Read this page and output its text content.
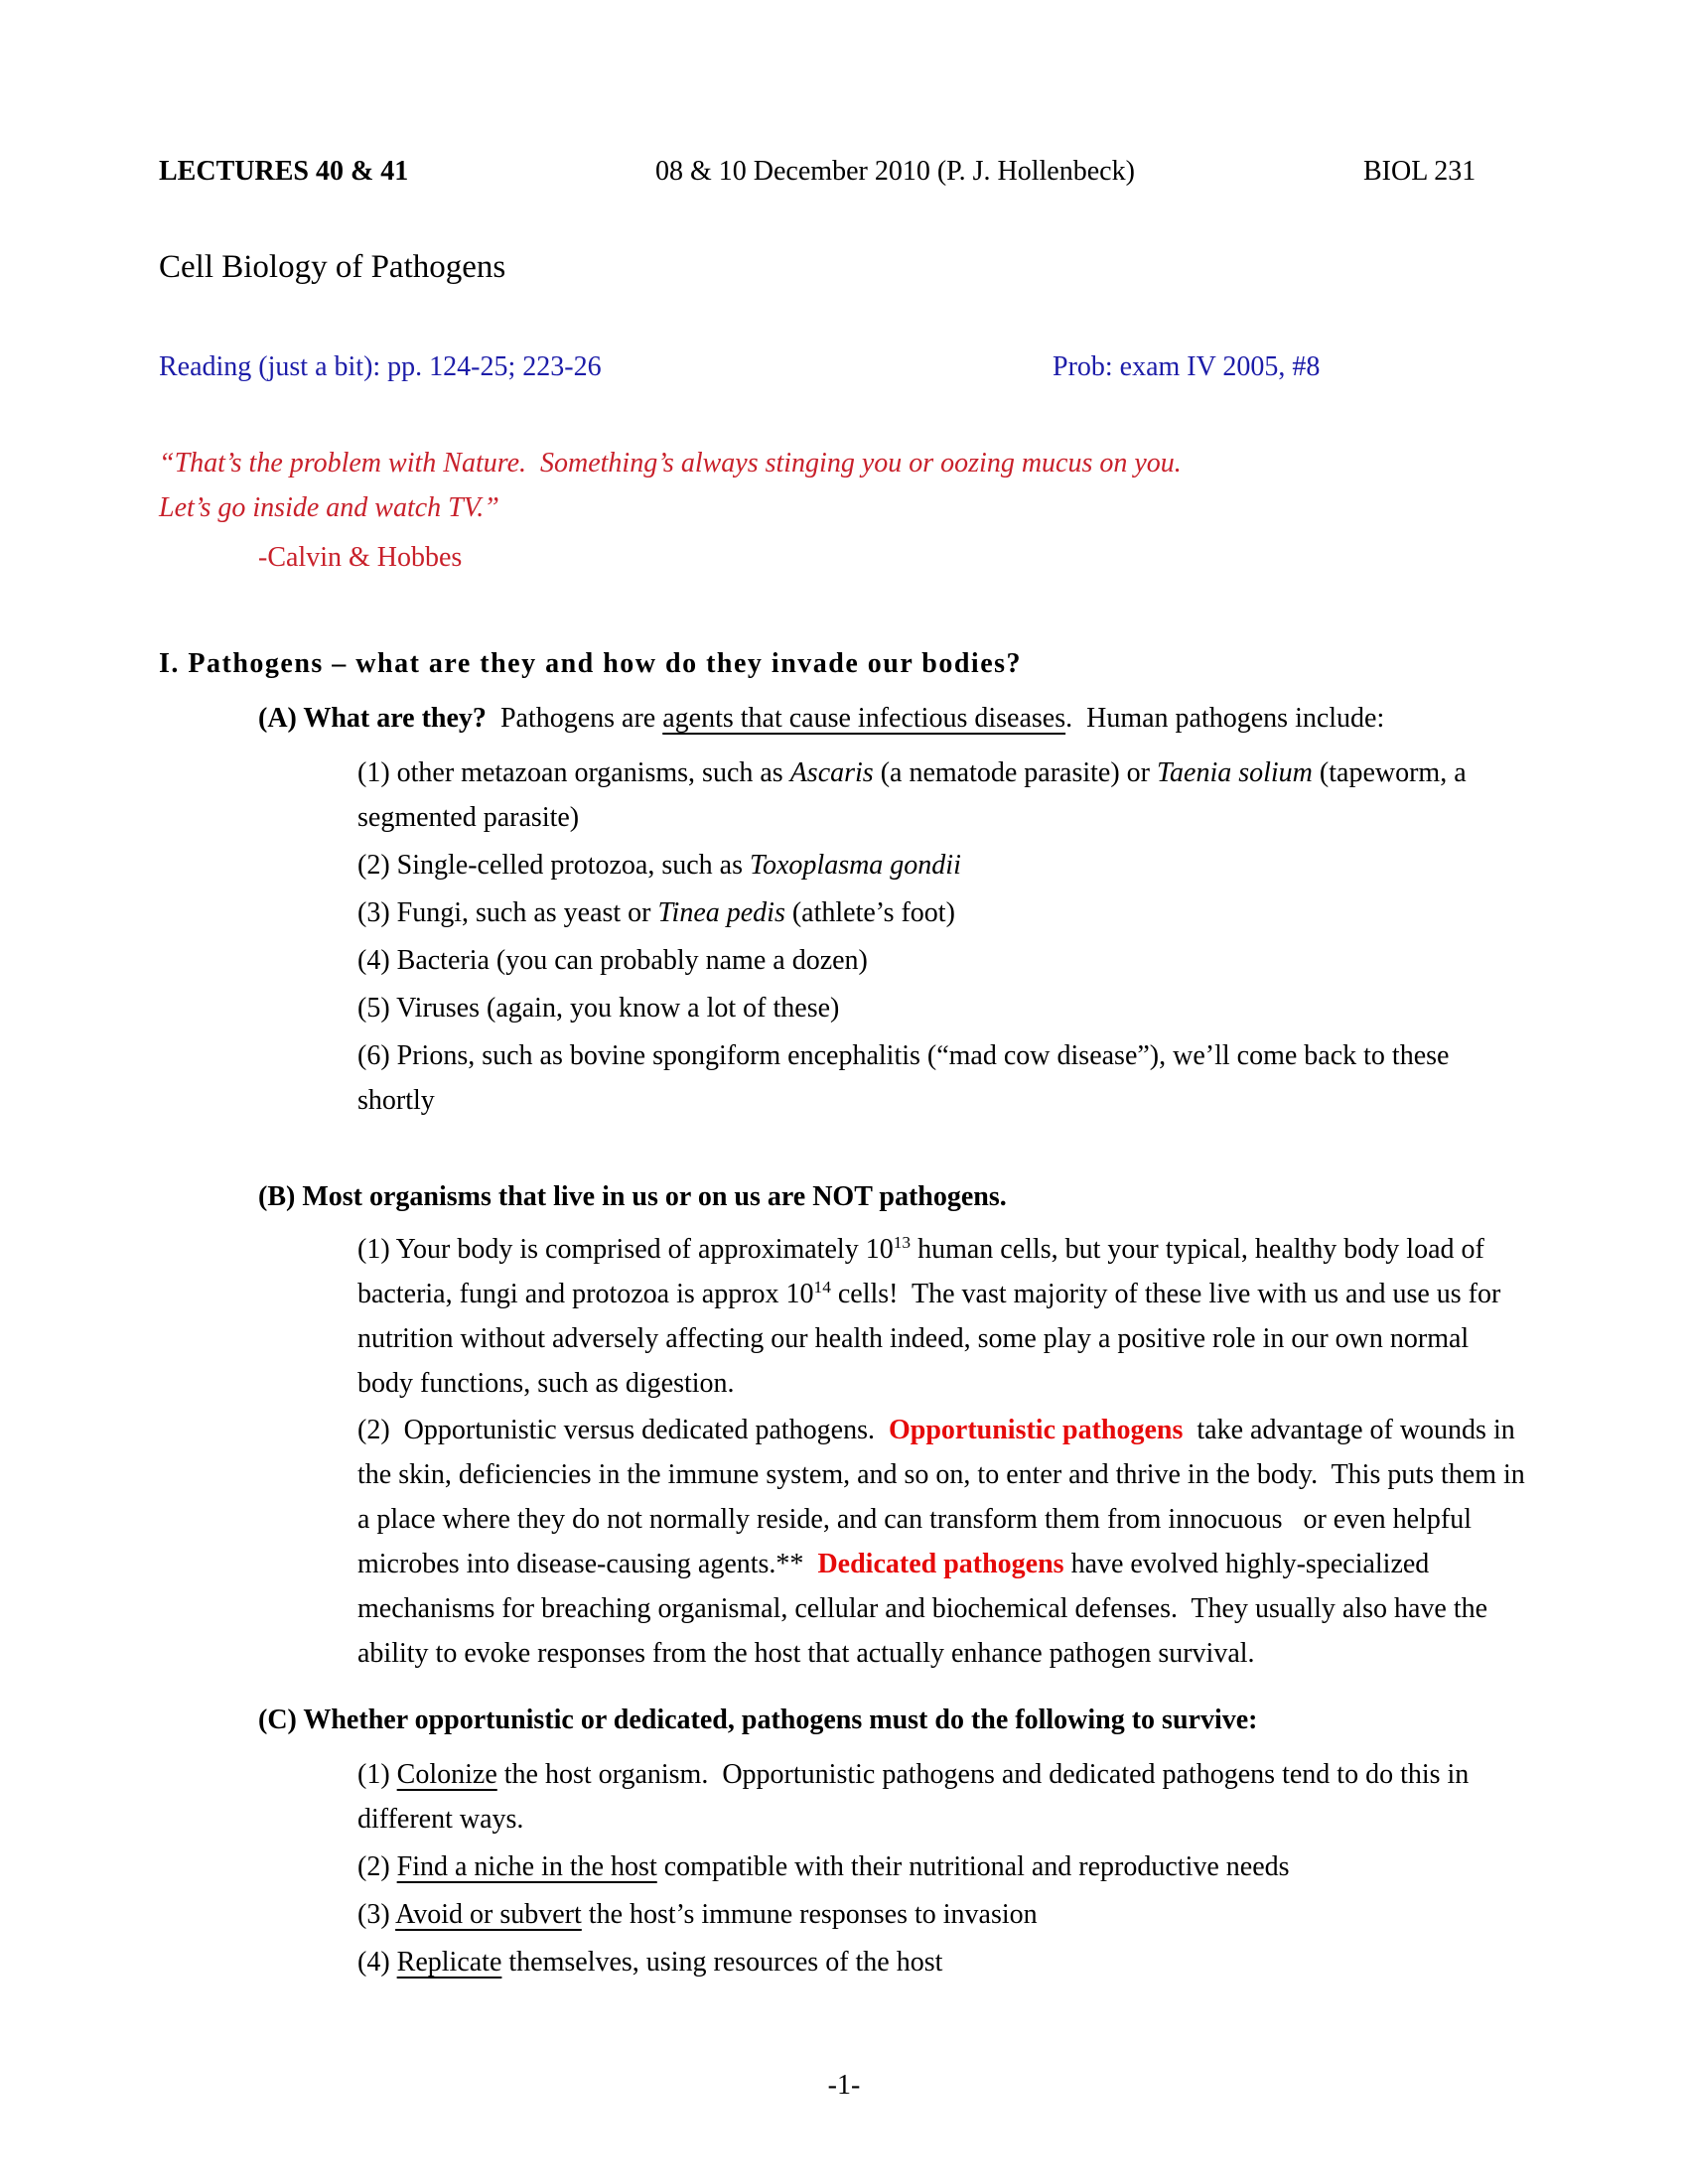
LECTURES 40 & 41	08 & 10 December 2010 (P. J. Hollenbeck)	BIOL 231
Cell Biology of Pathogens
Reading (just a bit): pp. 124-25; 223-26	Prob: exam IV 2005, #8
“That’s the problem with Nature.  Something’s always stinging you or oozing mucus on you.
Let’s go inside and watch TV.”
-Calvin & Hobbes
I. Pathogens – what are they and how do they invade our bodies?

(A) What are they?  Pathogens are agents that cause infectious diseases.  Human pathogens include:

(1) other metazoan organisms, such as Ascaris (a nematode parasite) or Taenia solium (tapeworm, a segmented parasite)

(2) Single-celled protozoa, such as Toxoplasma gondii

(3) Fungi, such as yeast or Tinea pedis (athlete’s foot)

(4) Bacteria (you can probably name a dozen)

(5) Viruses (again, you know a lot of these)

(6) Prions, such as bovine spongiform encephalitis (“mad cow disease”), we’ll come back to these shortly

(B) Most organisms that live in us or on us are NOT pathogens.

(1) Your body is comprised of approximately $10^{13}$ human cells, but your typical, healthy body load of bacteria, fungi and protozoa is approx $10^{14}$ cells!  The vast majority of these live with us and use us for nutrition without adversely affecting our health indeed, some play a positive role in our own normal body functions, such as digestion.

(2)  Opportunistic versus dedicated pathogens.  Opportunistic pathogens  take advantage of wounds in the skin, deficiencies in the immune system, and so on, to enter and thrive in the body.  This puts them in a place where they do not normally reside, and can transform them from innocuous   or even helpful   microbes into disease-causing agents.**  Dedicated pathogens have evolved highly-specialized mechanisms for breaching organismal, cellular and biochemical defenses.  They usually also have the ability to evoke responses from the host that actually enhance pathogen survival.

(C) Whether opportunistic or dedicated, pathogens must do the following to survive:

(1) Colonize the host organism.  Opportunistic pathogens and dedicated pathogens tend to do this in different ways.

(2) Find a niche in the host compatible with their nutritional and reproductive needs

(3) Avoid or subvert the host’s immune responses to invasion

(4) Replicate themselves, using resources of the host

-1-
